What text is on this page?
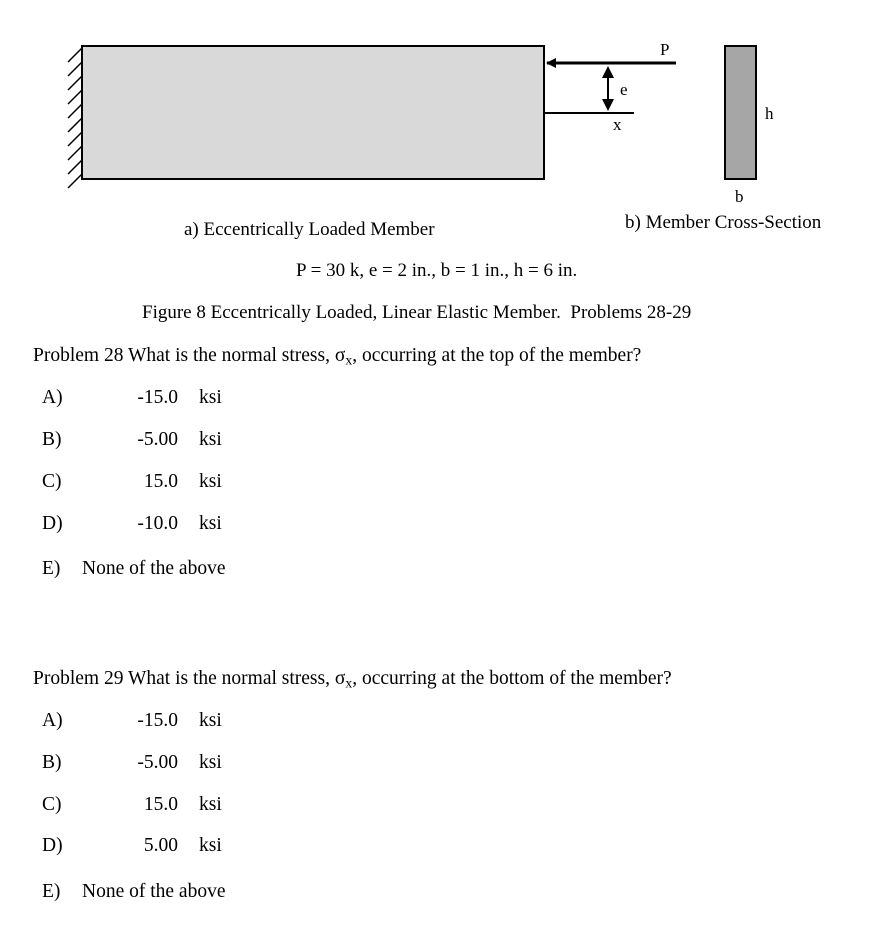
P
e
x
h
b
a) Eccentrically Loaded Member	b) Member Cross-Section
P = 30 k, e = 2 in., b = 1 in., h = 6 in.
Figure 8 Eccentrically Loaded, Linear Elastic Member.  Problems 28-29
Problem 28 What is the normal stress, $\sigma_x$, occurring at the top of the member?
A)	-15.0 ksi
B)	-5.00 ksi
C)	15.0 ksi
D)	-10.0 ksi
E) None of the above
Problem 29 What is the normal stress, $\sigma_x$, occurring at the bottom of the member?
A)	-15.0 ksi
B)	-5.00 ksi
C)	15.0 ksi
D)	5.00 ksi
E) None of the above
